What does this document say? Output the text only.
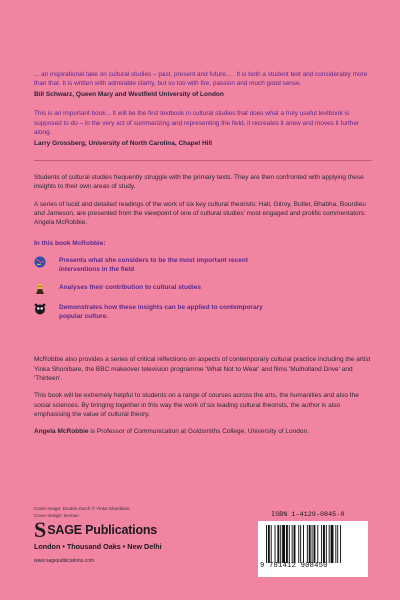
... an inspirational take on cultural studies – past, present and future... . It is both a student text and considerably more than that. It is written with admirable clarity, but so too with fire, passion and much good sense.

Bill Schwarz, Queen Mary and Westfield University of London

This is an important book... It will be the first textbook in cultural studies that does what a truly useful textbook is supposed to do – in the very act of summarizing and representing the field, it recreates it anew and moves it further along.

Larry Grossberg, University of North Carolina, Chapel Hill

Students of cultural studies frequently struggle with the primary texts. They are then confronted with applying these insights to their own areas of study.

A series of lucid and detailed readings of the work of six key cultural theorists: Hall, Gilroy, Butler, Bhabha, Bourdieu and Jameson, are presented from the viewpoint of one of cultural studies' most engaged and prolific commentators: Angela McRobbie.

In this book McRobbie:

Presents what she considers to be the most important recent interventions in the field
Analyses their contribution to cultural studies
Demonstrates how these insights can be applied to contemporary popular culture.

McRobbie also provides a series of critical reflections on aspects of contemporary cultural practice including the artist Yinka Shonibare, the BBC makeover television programme 'What Not to Wear' and films 'Mulholland Drive' and 'Thirteen'.

This book will be extremely helpful to students on a range of courses across the arts, the humanities and also the social sciences. By bringing together in this way the work of six leading cultural theorists, the author is also emphasising the value of cultural theory.

Angela McRobbie is Professor of Communication at Goldsmiths College, University of London.

Cover image: Double Dutch © Yinka Shonibare
Cover design: keenan
S SAGE Publications
London • Thousand Oaks • New Delhi
www.sagepublications.com
ISBN 1-4129-0845-0
9 781412 908450
